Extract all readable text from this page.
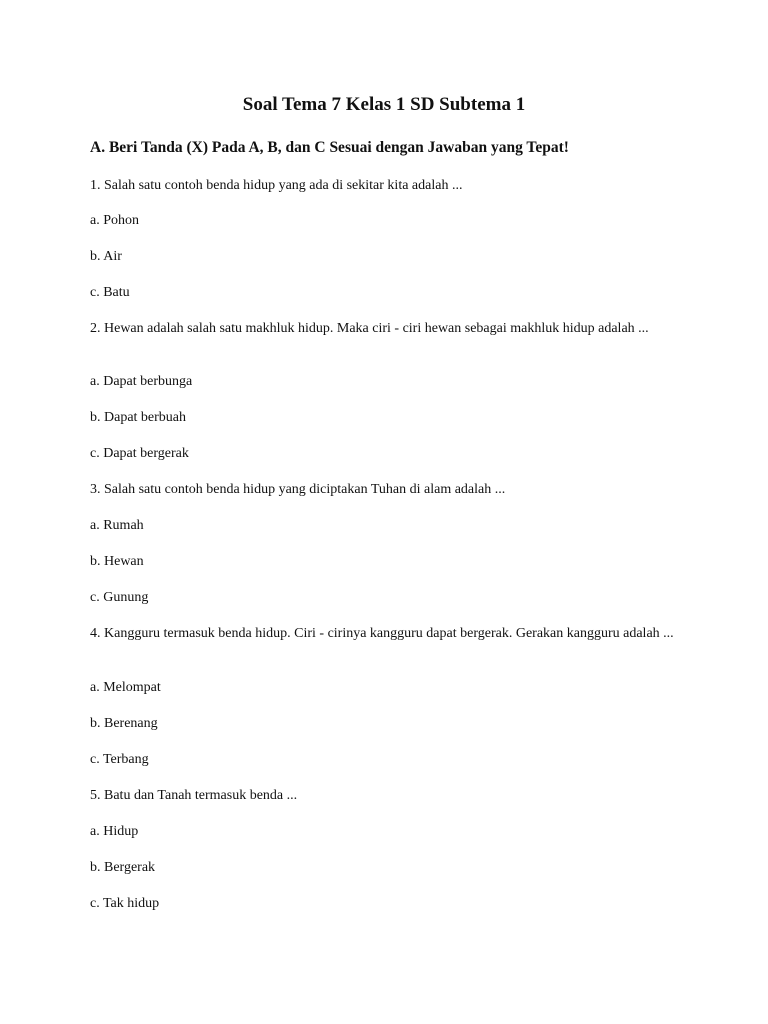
Soal Tema 7 Kelas 1 SD Subtema 1
A. Beri Tanda (X) Pada A, B, dan C Sesuai dengan Jawaban yang Tepat!

1. Salah satu contoh benda hidup yang ada di sekitar kita adalah ...

a. Pohon

b. Air

c. Batu

2. Hewan adalah salah satu makhluk hidup. Maka ciri - ciri hewan sebagai makhluk hidup adalah ...

a. Dapat berbunga

b. Dapat berbuah

c. Dapat bergerak

3. Salah satu contoh benda hidup yang diciptakan Tuhan di alam adalah ...

a. Rumah

b. Hewan

c. Gunung

4. Kangguru termasuk benda hidup. Ciri - cirinya kangguru dapat bergerak. Gerakan kangguru adalah ...

a. Melompat

b. Berenang

c. Terbang

5. Batu dan Tanah termasuk benda ...

a. Hidup

b. Bergerak

c. Tak hidup
